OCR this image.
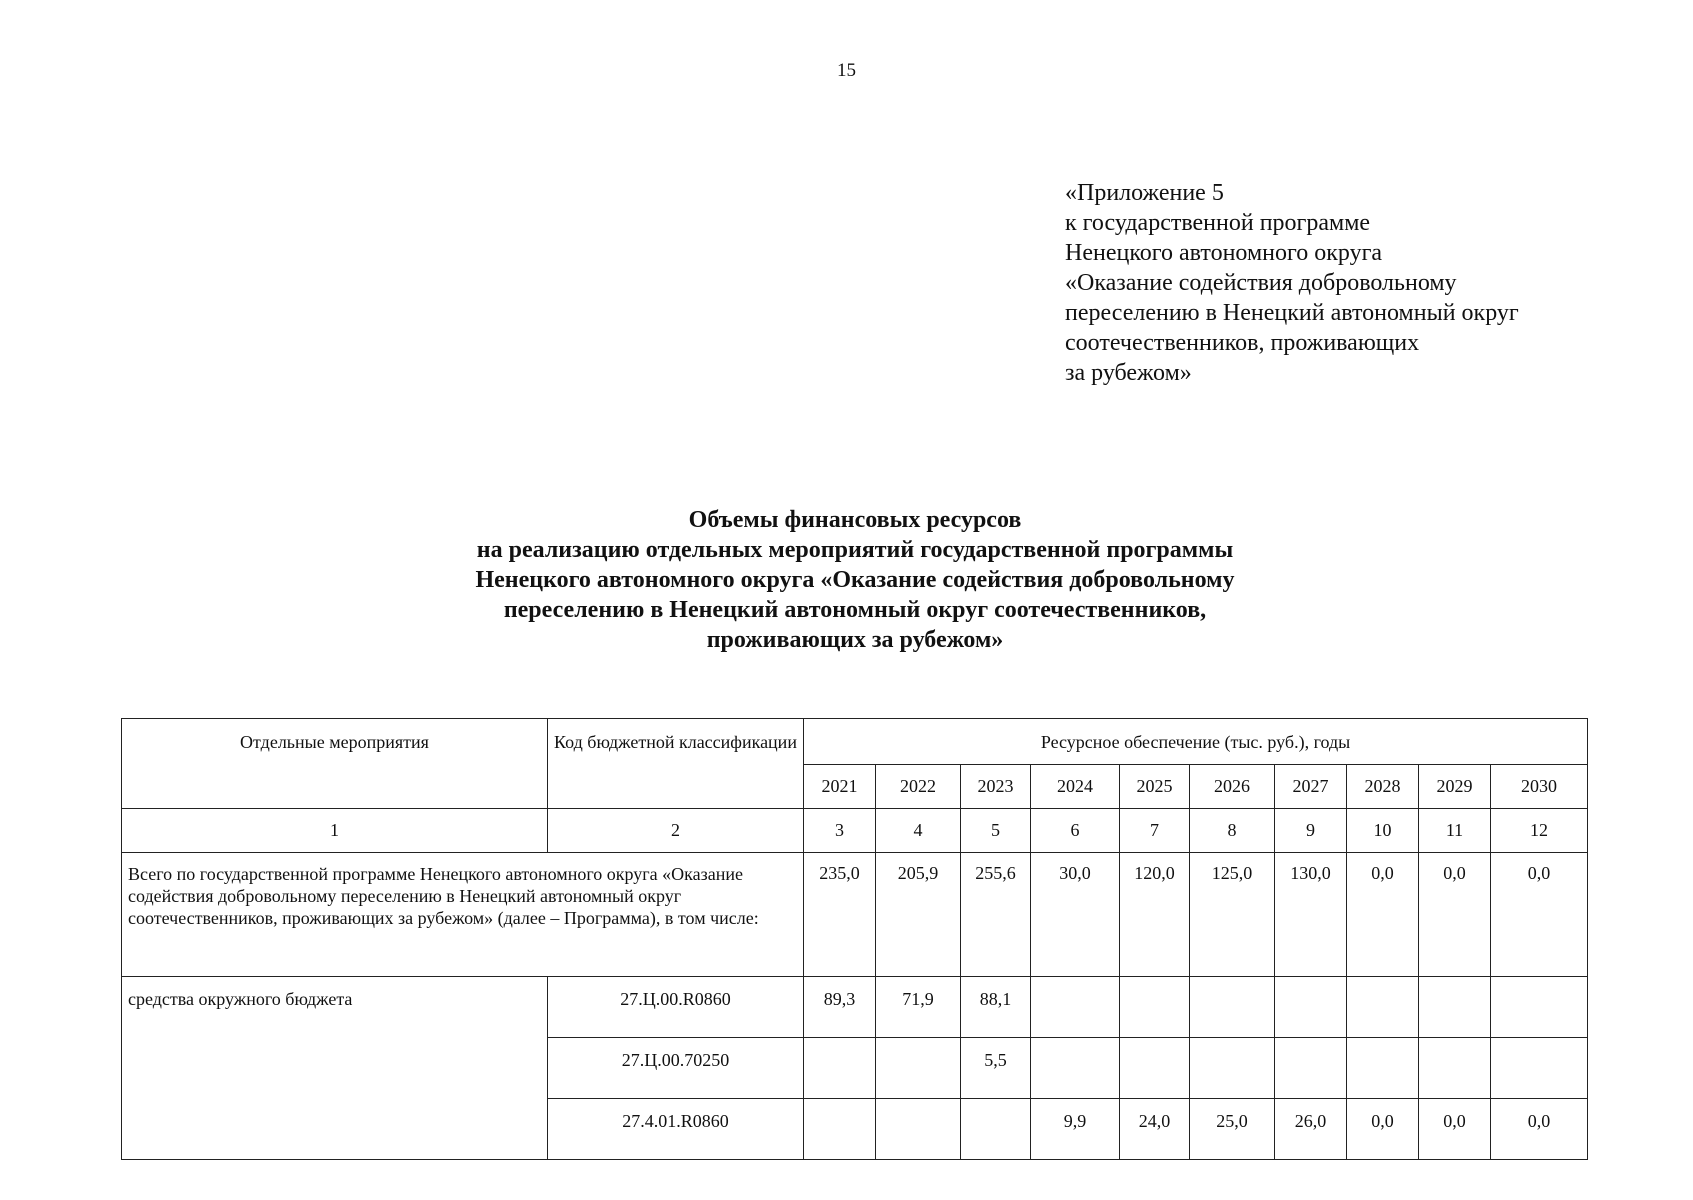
15
«Приложение 5
к государственной программе
Ненецкого автономного округа
«Оказание содействия добровольному
переселению в Ненецкий автономный округ
соотечественников, проживающих
за рубежом»
Объемы финансовых ресурсов
на реализацию отдельных мероприятий государственной программы
Ненецкого автономного округа «Оказание содействия добровольному
переселению в Ненецкий автономный округ соотечественников,
проживающих за рубежом»
Отдельные мероприятия	Код бюджетной классификации	Ресурсное обеспечение (тыс. руб.), годы									
		2021	2022	2023	2024	2025	2026	2027	2028	2029	2030
1	2	3	4	5	6	7	8	9	10	11	12
Всего по государственной программе Ненецкого автономного округа «Оказание содействия добровольному переселению в Ненецкий автономный округ соотечественников, проживающих за рубежом» (далее – Программа), в том числе:		235,0	205,9	255,6	30,0	120,0	125,0	130,0	0,0	0,0	0,0
средства окружного бюджета	27.Ц.00.R0860	89,3	71,9	88,1							
	27.Ц.00.70250			5,5							
	27.4.01.R0860				9,9	24,0	25,0	26,0	0,0	0,0	0,0
